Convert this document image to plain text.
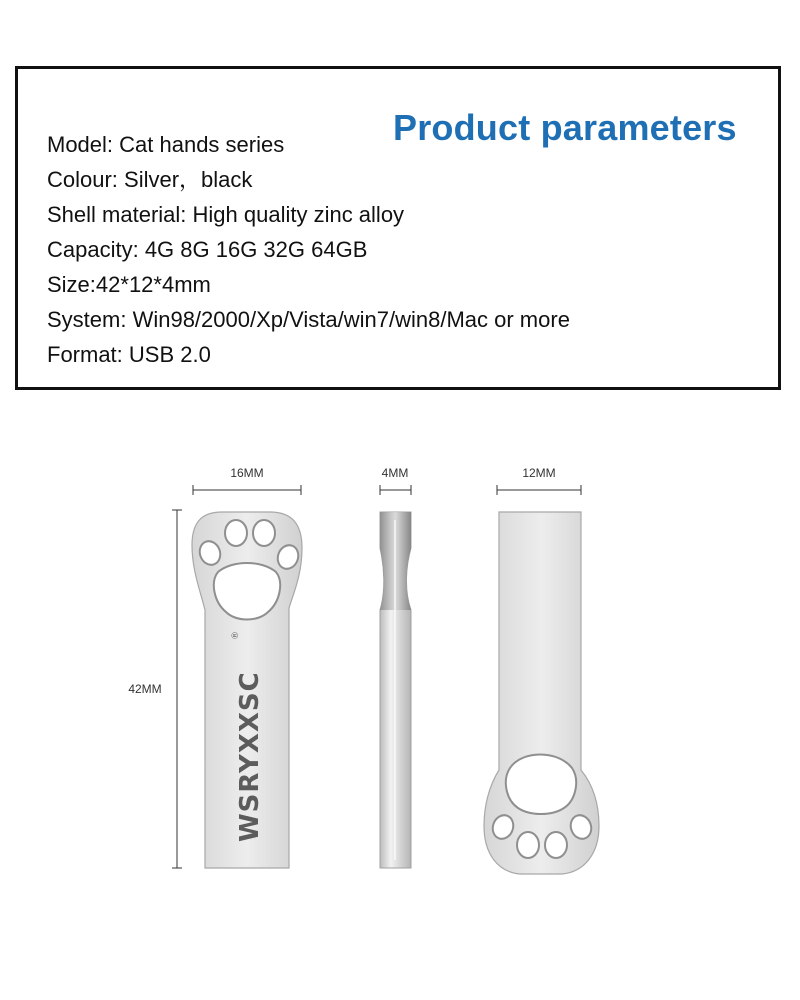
Product parameters
Model: Cat hands series
Colour: Silver，black
Shell material: High quality zinc alloy
Capacity: 4G 8G 16G 32G 64GB
Size:42*12*4mm
System: Win98/2000/Xp/Vista/win7/win8/Mac or more
Format: USB 2.0
16MM	4MM	12MM
42MM	WSRYXXSC
®
